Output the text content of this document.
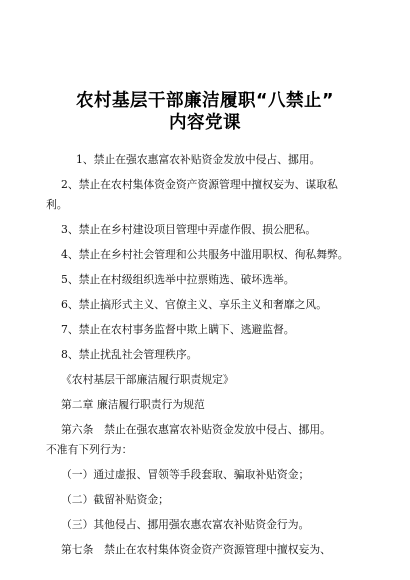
农村基层干部廉洁履职“八禁止”
内容党课
1、禁止在强农惠富农补贴资金发放中侵占、挪用。
2、禁止在农村集体资金资产资源管理中擅权妄为、谋取私
利。
3、禁止在乡村建设项目管理中弄虚作假、损公肥私。
4、禁止在乡村社会管理和公共服务中滥用职权、徇私舞弊。
5、禁止在村级组织选举中拉票贿选、破坏选举。
6、禁止搞形式主义、官僚主义、享乐主义和奢靡之风。
7、禁止在农村事务监督中欺上瞒下、逃避监督。
8、禁止扰乱社会管理秩序。
《农村基层干部廉洁履行职责规定》
第二章 廉洁履行职责行为规范
第六条　禁止在强农惠富农补贴资金发放中侵占、挪用。
不准有下列行为：
（一）通过虚报、冒领等手段套取、骗取补贴资金；
（二）截留补贴资金；
（三）其他侵占、挪用强农惠农富农补贴资金行为。
第七条　禁止在农村集体资金资产资源管理中擅权妄为、
